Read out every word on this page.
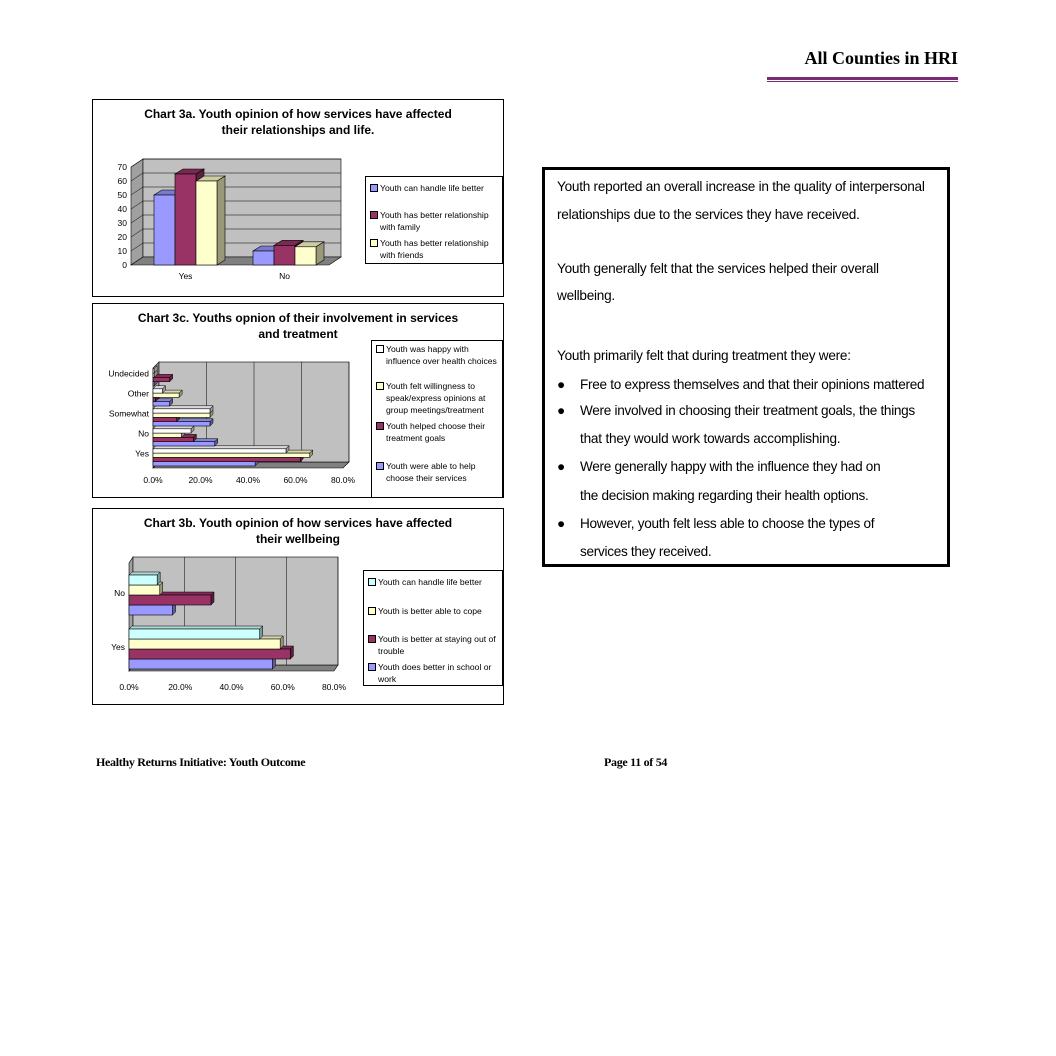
All Counties in HRI
Chart 3a. Youth opinion of how services have affected
their relationships and life.
0
10
20
30
40
50
60
70
Yes	No
Youth can handle life better
Youth has better relationship with family
Youth has better relationship with friends
Chart 3c. Youths opnion of their involvement in services
and treatment
0.0%	20.0%	40.0%	60.0%	80.0%
Yes
No
Somewhat
Other
Undecided
Youth was happy with influence over health choices
Youth felt willingness to speak/express opinions at group meetings/treatment
Youth helped choose their treatment goals
Youth were able to help choose their services
Chart 3b. Youth opinion of how services have affected
their wellbeing
0.0%	20.0%	40.0%	60.0%	80.0%
Yes
No
Youth can handle life better
Youth is better able to cope
Youth is better at staying out of trouble
Youth does better in school or work
Youth reported an overall increase in the quality of interpersonal
relationships due to the services they have received.
Youth generally felt that the services helped their overall
wellbeing.
Youth primarily felt that during treatment they were:
● Free to express themselves and that their opinions mattered
● Were involved in choosing their treatment goals, the things
that they would work towards accomplishing.
● Were generally happy with the influence they had on
the decision making regarding their health options.
● However, youth felt less able to choose the types of
services they received.
Healthy Returns Initiative: Youth Outcome	Page 11 of 54
